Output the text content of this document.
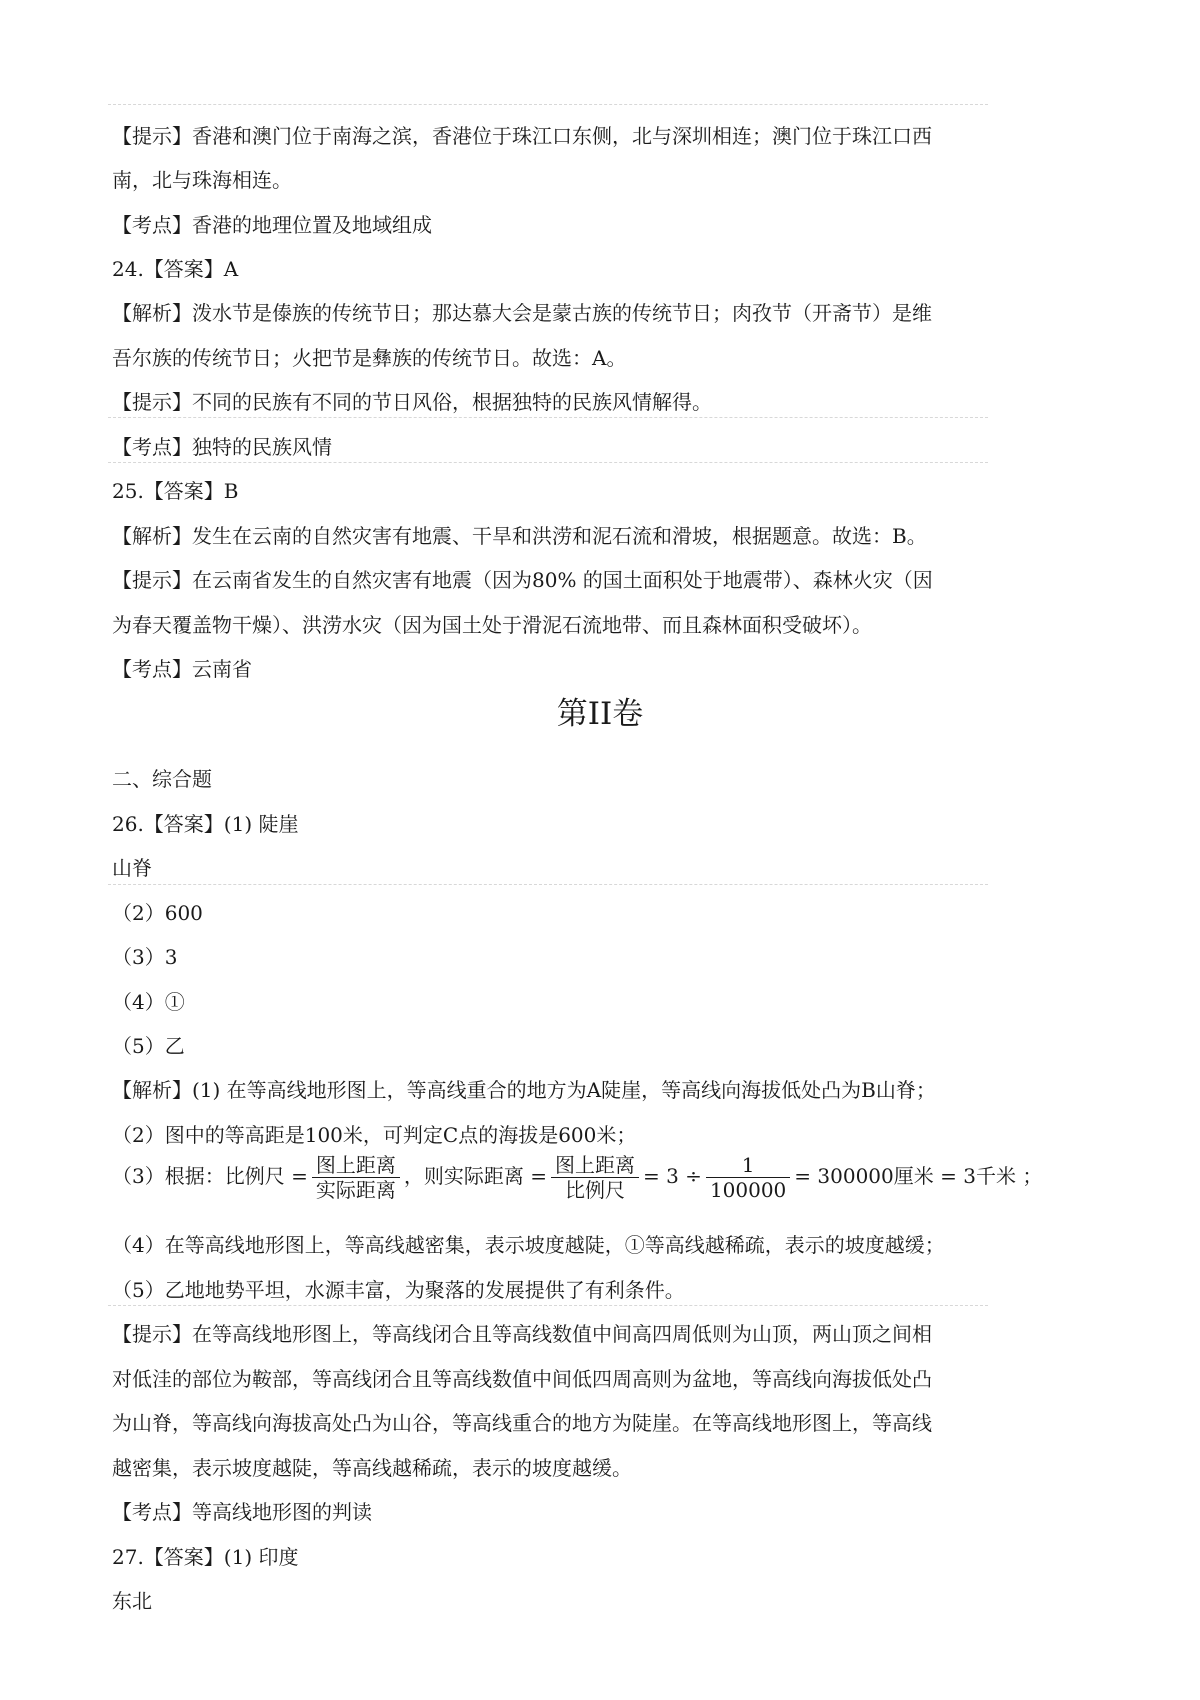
【提示】香港和澳门位于南海之滨，香港位于珠江口东侧，北与深圳相连；澳门位于珠江口西
南，北与珠海相连。
【考点】香港的地理位置及地域组成
24.【答案】A
【解析】泼水节是傣族的传统节日；那达慕大会是蒙古族的传统节日；肉孜节（开斋节）是维
吾尔族的传统节日；火把节是彝族的传统节日。故选：A。
【提示】不同的民族有不同的节日风俗，根据独特的民族风情解得。
【考点】独特的民族风情
25.【答案】B
【解析】发生在云南的自然灾害有地震、干旱和洪涝和泥石流和滑坡，根据题意。故选：B。
【提示】在云南省发生的自然灾害有地震（因为80% 的国土面积处于地震带）、森林火灾（因
为春天覆盖物干燥）、洪涝水灾（因为国土处于滑泥石流地带、而且森林面积受破坏）。
【考点】云南省
第II卷
二、综合题
26.【答案】(1) 陡崖
山脊
（2）600
（3）3
（4）①
（5）乙
【解析】(1) 在等高线地形图上，等高线重合的地方为A陡崖，等高线向海拔低处凸为B山脊；
（2）图中的等高距是100米，可判定C点的海拔是600米；
（3）根据：比例尺 = $\frac{\text{图上距离}}{\text{实际距离}}$ ，则实际距离 = $\frac{\text{图上距离}}{\text{比例尺}} = 3 \div \frac{1}{100000} = 300000$厘米 = 3千米 ；
（4）在等高线地形图上，等高线越密集，表示坡度越陡，①等高线越稀疏，表示的坡度越缓；
（5）乙地地势平坦，水源丰富，为聚落的发展提供了有利条件。
【提示】在等高线地形图上，等高线闭合且等高线数值中间高四周低则为山顶，两山顶之间相
对低洼的部位为鞍部，等高线闭合且等高线数值中间低四周高则为盆地，等高线向海拔低处凸
为山脊，等高线向海拔高处凸为山谷，等高线重合的地方为陡崖。在等高线地形图上，等高线
越密集，表示坡度越陡，等高线越稀疏，表示的坡度越缓。
【考点】等高线地形图的判读
27.【答案】(1) 印度
东北
